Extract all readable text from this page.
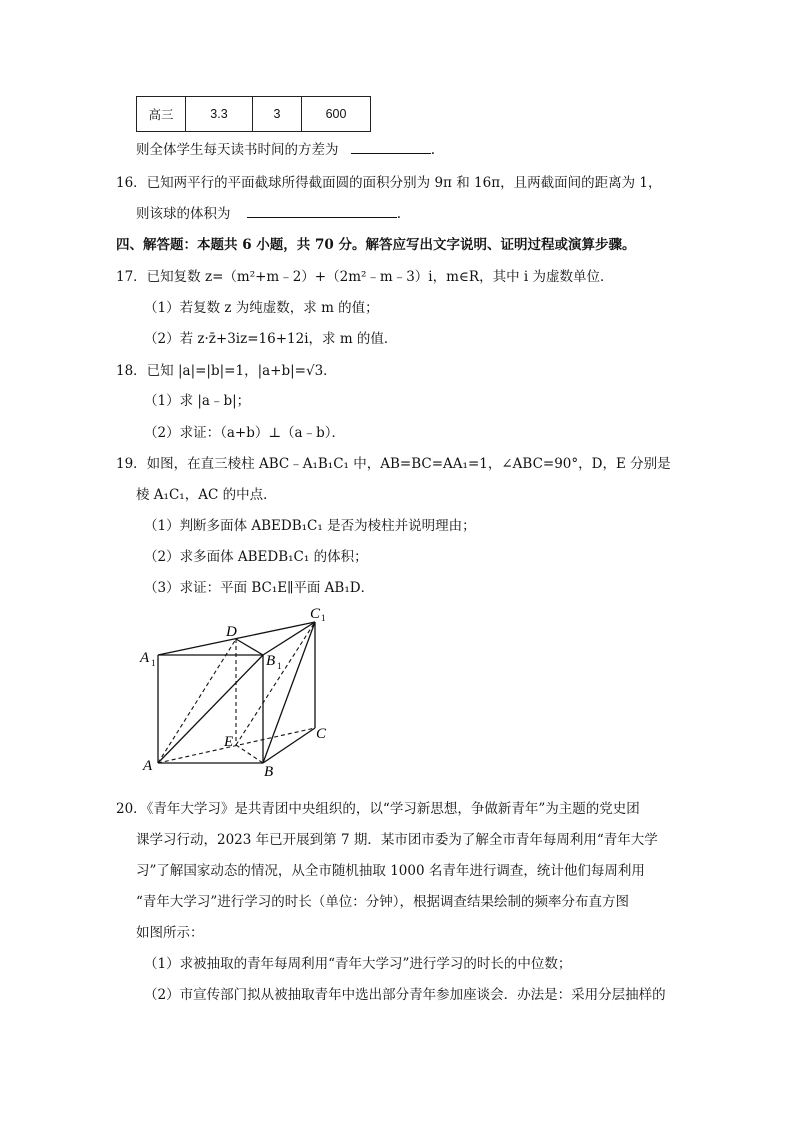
高三	3.3	3	600
则全体学生每天读书时间的方差为	.
16．已知两平行的平面截球所得截面圆的面积分别为 9π 和 16π，且两截面间的距离为 1，
则该球的体积为	.
四、解答题：本题共 6 小题，共 70 分。解答应写出文字说明、证明过程或演算步骤。
17．已知复数 z=（m²+m﹣2）+（2m²﹣m﹣3）i，m∈R，其中 i 为虚数单位．
（1）若复数 z 为纯虚数，求 m 的值；
（2）若 z·z̄+3iz=16+12i，求 m 的值．
18．已知 |a|=|b|=1，|a+b|=√3．
（1）求 |a﹣b|；
（2）求证：（a+b）⊥（a﹣b）．
19．如图，在直三棱柱 ABC﹣A₁B₁C₁ 中，AB=BC=AA₁=1，∠ABC=90°，D，E 分别是
棱 A₁C₁，AC 的中点．
（1）判断多面体 ABEDB₁C₁ 是否为棱柱并说明理由；
（2）求多面体 ABEDB₁C₁ 的体积；
（3）求证：平面 BC₁E∥平面 AB₁D．
A 1	B 1
C 1
D
E	C
A	B
20．《青年大学习》是共青团中央组织的，以“学习新思想，争做新青年”为主题的党史团
课学习行动，2023 年已开展到第 7 期．某市团市委为了解全市青年每周利用“青年大学
习”了解国家动态的情况，从全市随机抽取 1000 名青年进行调查，统计他们每周利用
“青年大学习”进行学习的时长（单位：分钟），根据调查结果绘制的频率分布直方图
如图所示：
（1）求被抽取的青年每周利用“青年大学习”进行学习的时长的中位数；
（2）市宣传部门拟从被抽取青年中选出部分青年参加座谈会．办法是：采用分层抽样的
